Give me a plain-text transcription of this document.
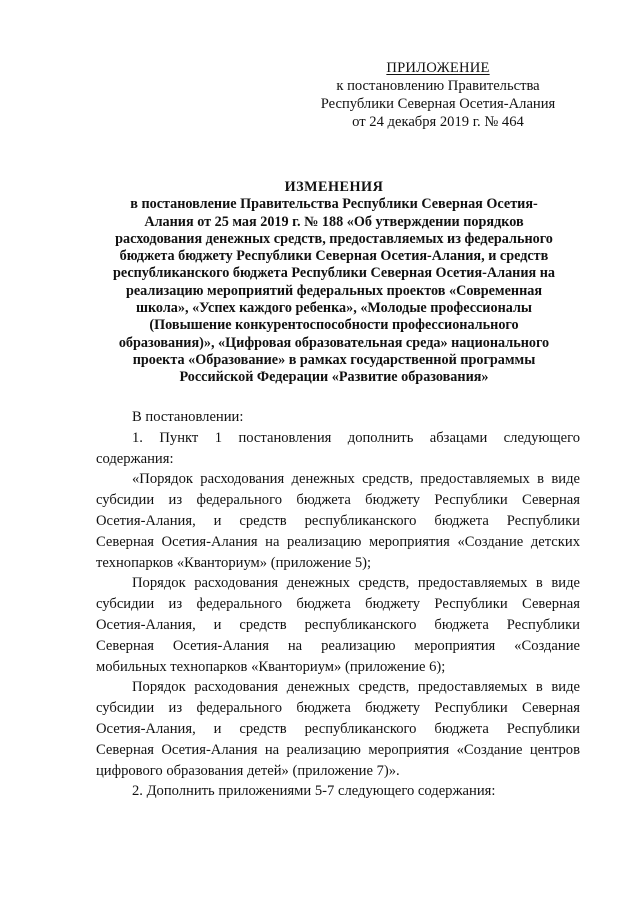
ПРИЛОЖЕНИЕ
к постановлению Правительства
Республики Северная Осетия-Алания
от 24 декабря 2019 г. № 464
ИЗМЕНЕНИЯ
в постановление Правительства Республики Северная Осетия-
Алания от 25 мая 2019 г. № 188 «Об утверждении порядков
расходования денежных средств, предоставляемых из федерального
бюджета бюджету Республики Северная Осетия-Алания, и средств
республиканского бюджета Республики Северная Осетия-Алания на
реализацию мероприятий федеральных проектов «Современная
школа», «Успех каждого ребенка», «Молодые профессионалы
(Повышение конкурентоспособности профессионального
образования)», «Цифровая образовательная среда» национального
проекта «Образование» в рамках государственной программы
Российской Федерации «Развитие образования»
В постановлении:
1. Пункт 1 постановления дополнить абзацами следующего
содержания:
«Порядок расходования денежных средств, предоставляемых в виде
субсидии из федерального бюджета бюджету Республики Северная
Осетия-Алания, и средств республиканского бюджета Республики
Северная Осетия-Алания на реализацию мероприятия «Создание детских
технопарков «Кванториум» (приложение 5);
Порядок расходования денежных средств, предоставляемых в виде
субсидии из федерального бюджета бюджету Республики Северная
Осетия-Алания, и средств республиканского бюджета Республики
Северная Осетия-Алания на реализацию мероприятия «Создание
мобильных технопарков «Кванториум» (приложение 6);
Порядок расходования денежных средств, предоставляемых в виде
субсидии из федерального бюджета бюджету Республики Северная
Осетия-Алания, и средств республиканского бюджета Республики
Северная Осетия-Алания на реализацию мероприятия «Создание центров
цифрового образования детей» (приложение 7)».
2. Дополнить приложениями 5-7 следующего содержания:
